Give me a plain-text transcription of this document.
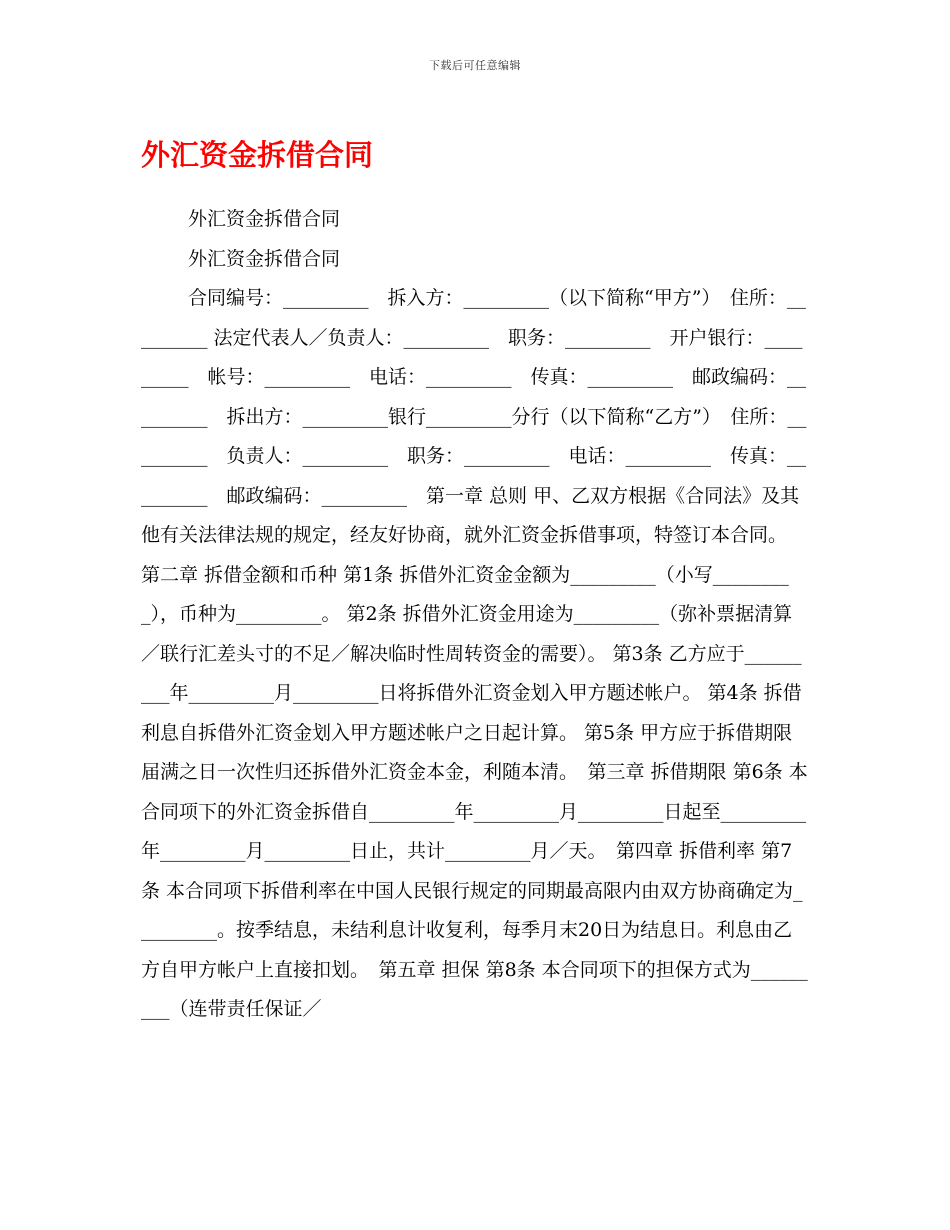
下载后可任意编辑
外汇资金拆借合同

外汇资金拆借合同

外汇资金拆借合同

合同编号：_________　拆入方：_________（以下简称“甲方”）　住所：_________ 法定代表人／负责人：_________　职务：_________　开户银行：_________　帐号：_________　电话：_________　传真：_________　邮政编码：_________　拆出方：_________银行_________分行（以下简称“乙方”）　住所：_________　负责人：_________　职务：_________　电话：_________　传真：_________　邮政编码：_________　第一章 总则 甲、乙双方根据《合同法》及其他有关法律法规的规定，经友好协商，就外汇资金拆借事项，特签订本合同。 第二章 拆借金额和币种 第1条 拆借外汇资金金额为_________（小写_________），币种为_________。 第2条 拆借外汇资金用途为_________（弥补票据清算／联行汇差头寸的不足／解决临时性周转资金的需要）。 第3条 乙方应于_________年_________月_________日将拆借外汇资金划入甲方题述帐户。 第4条 拆借利息自拆借外汇资金划入甲方题述帐户之日起计算。 第5条 甲方应于拆借期限届满之日一次性归还拆借外汇资金本金，利随本清。　第三章 拆借期限 第6条 本合同项下的外汇资金拆借自_________年_________月_________日起至_________年_________月_________日止，共计_________月／天。　第四章 拆借利率 第7条 本合同项下拆借利率在中国人民银行规定的同期最高限内由双方协商确定为_________。按季结息，未结利息计收复利，每季月末20日为结息日。利息由乙方自甲方帐户上直接扣划。　第五章 担保 第8条 本合同项下的担保方式为_________（连带责任保证／
